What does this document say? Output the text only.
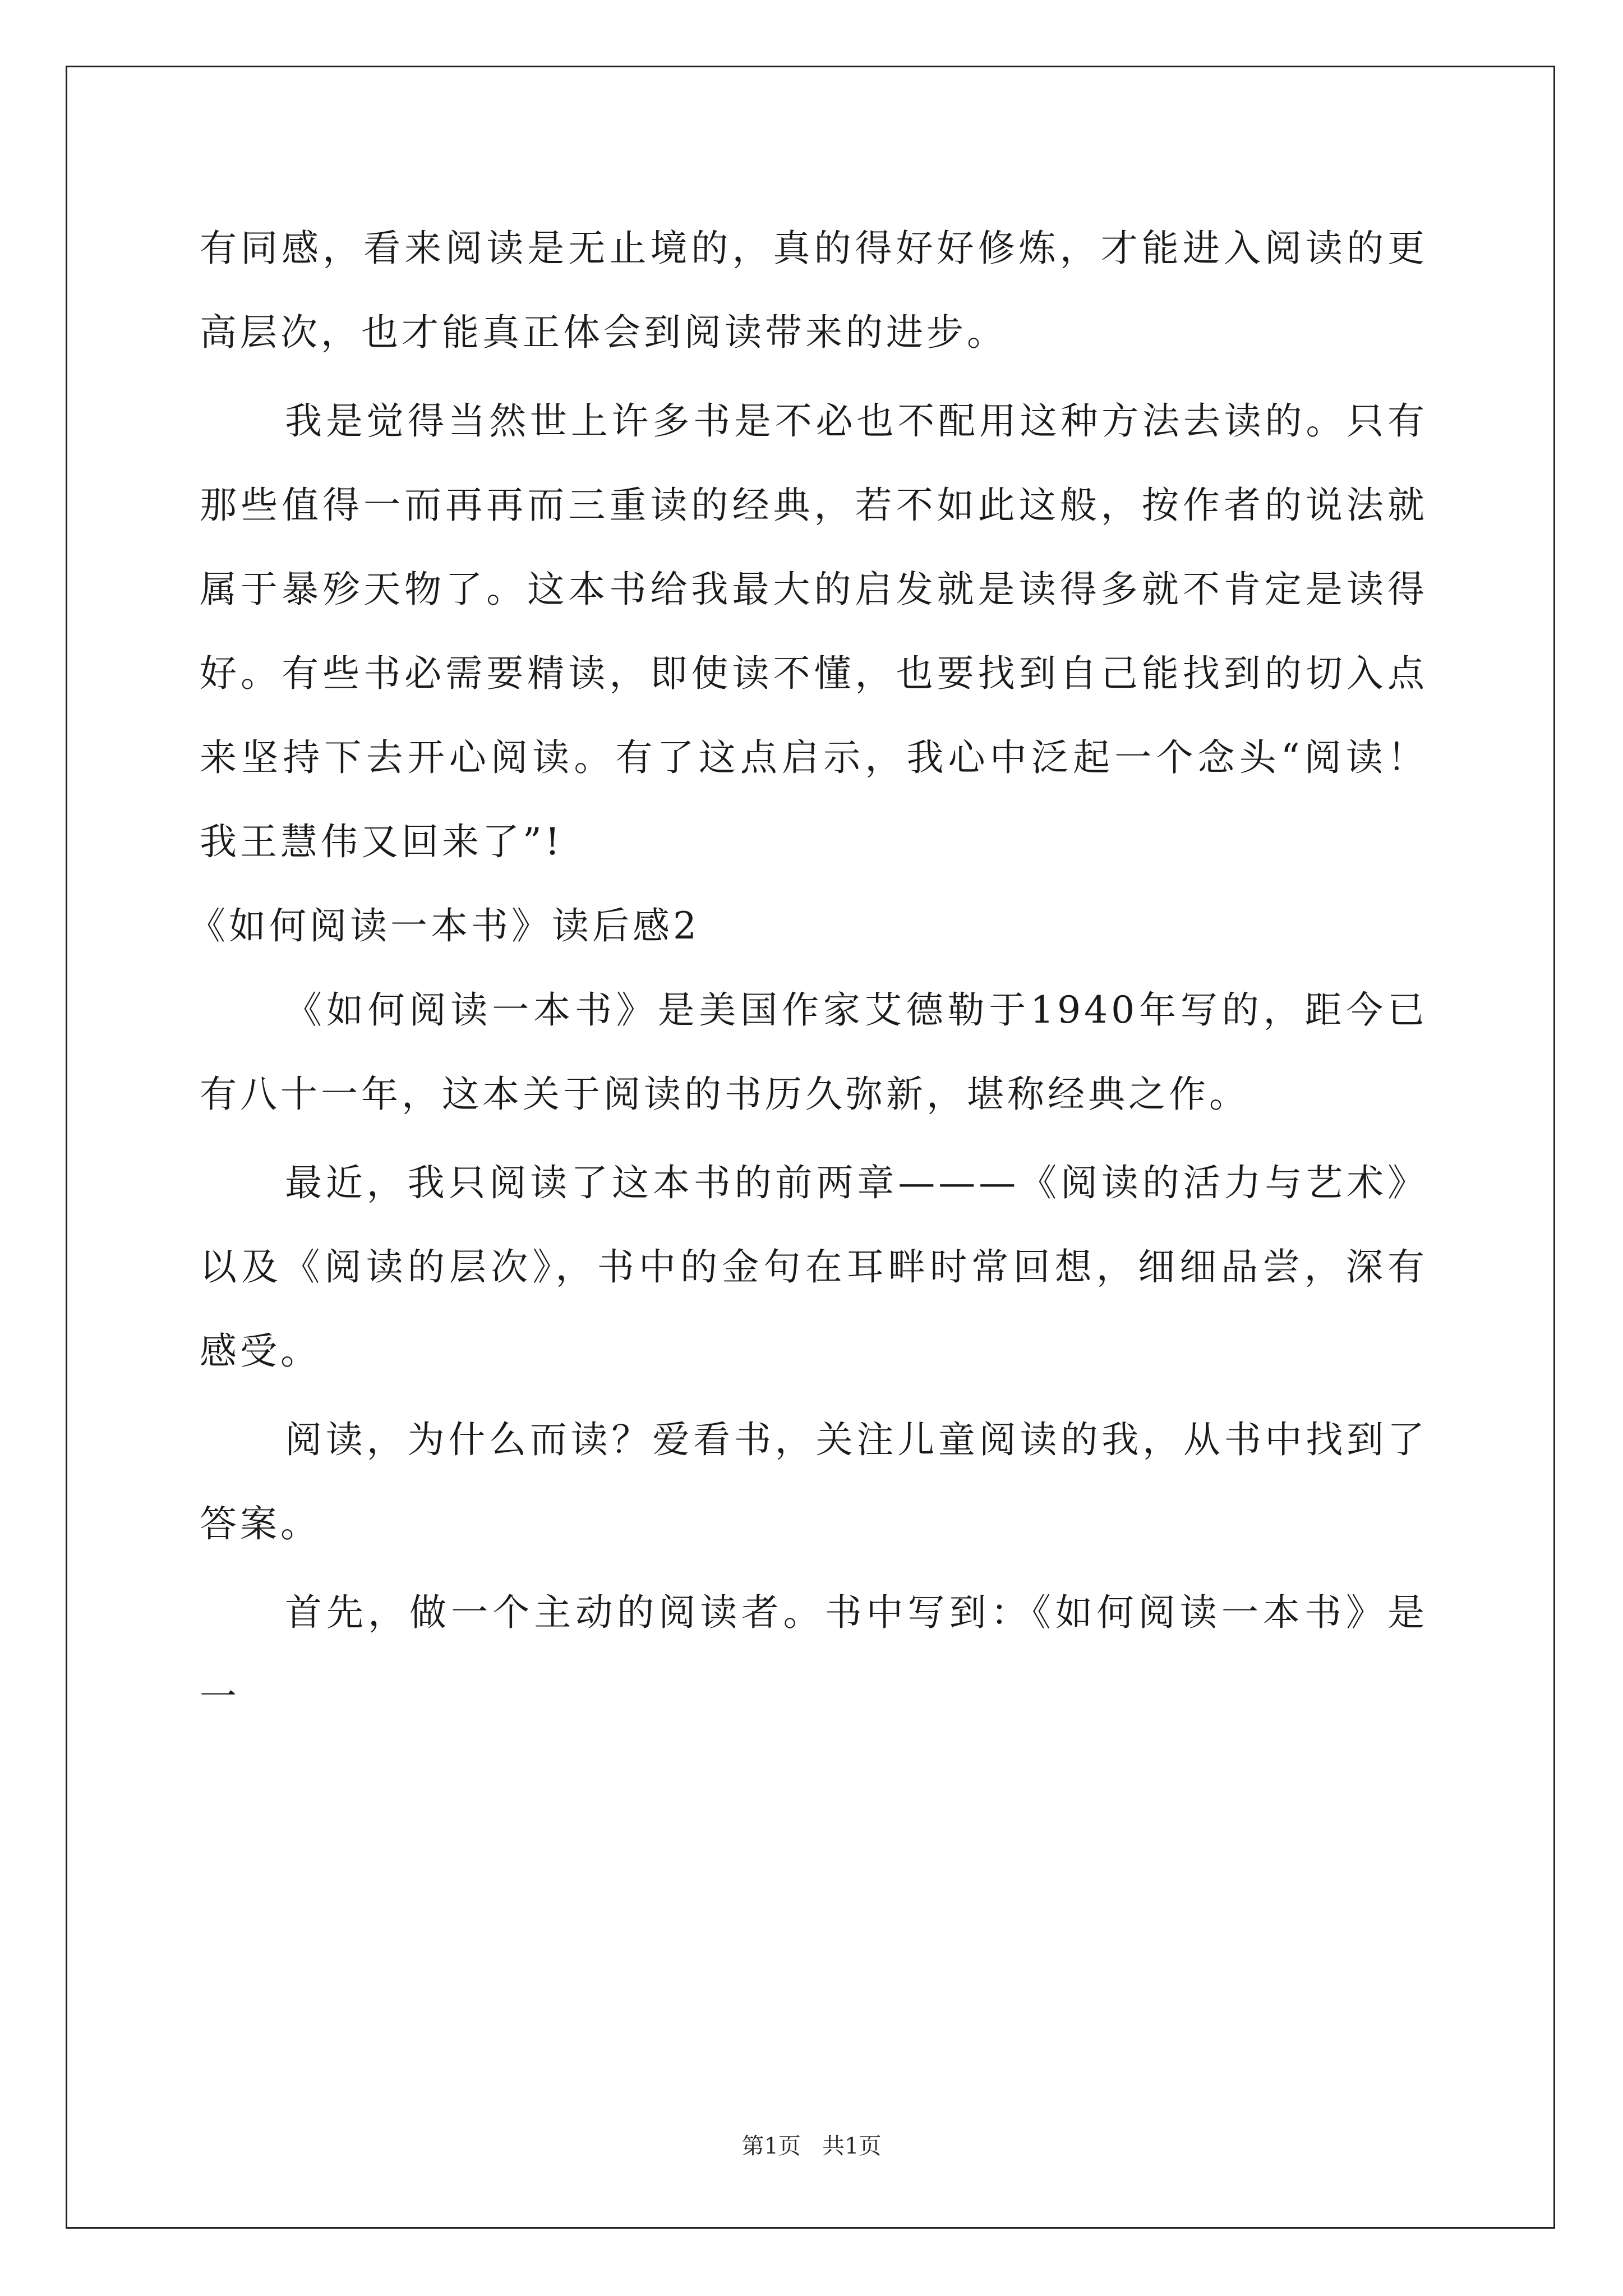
有同感，看来阅读是无止境的，真的得好好修炼，才能进入阅读的更高层次，也才能真正体会到阅读带来的进步。

我是觉得当然世上许多书是不必也不配用这种方法去读的。只有那些值得一而再再而三重读的经典，若不如此这般，按作者的说法就属于暴殄天物了。这本书给我最大的启发就是读得多就不肯定是读得好。有些书必需要精读，即使读不懂，也要找到自己能找到的切入点来坚持下去开心阅读。有了这点启示，我心中泛起一个念头“阅读！我王慧伟又回来了”!

《如何阅读一本书》读后感2

《如何阅读一本书》是美国作家艾德勒于1940年写的，距今已有八十一年，这本关于阅读的书历久弥新，堪称经典之作。

最近，我只阅读了这本书的前两章———《阅读的活力与艺术》以及《阅读的层次》，书中的金句在耳畔时常回想，细细品尝，深有感受。

阅读，为什么而读？爱看书，关注儿童阅读的我，从书中找到了答案。

首先，做一个主动的阅读者。书中写到：《如何阅读一本书》是一

第1页   共1页
